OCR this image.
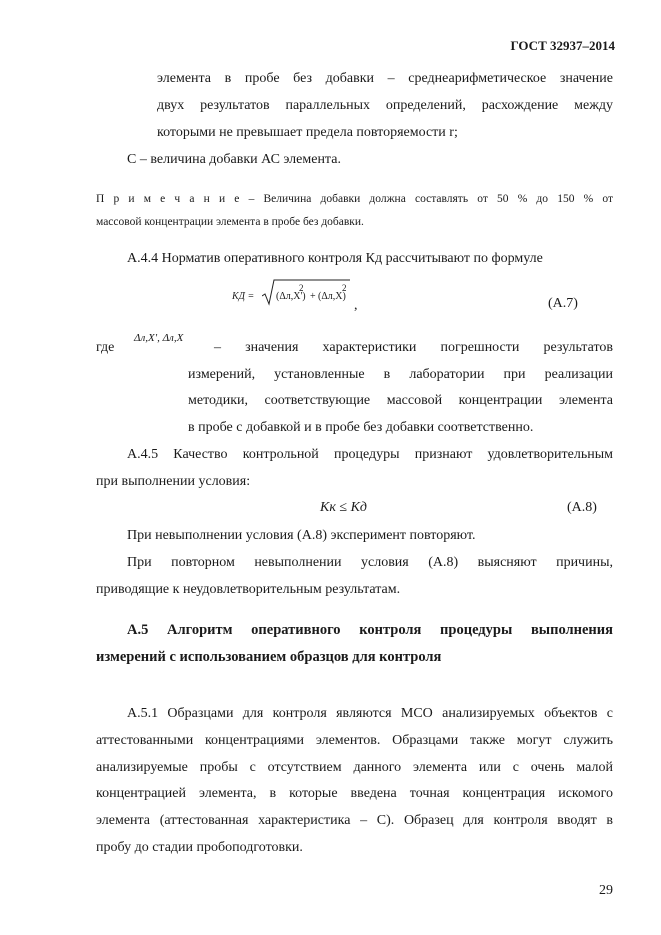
ГОСТ 32937–2014
элемента в пробе без добавки – среднеарифметическое значение
двух результатов параллельных определений, расхождение между
которыми не превышает предела повторяемости r;
C – величина добавки АС элемента.
П р и м е ч а н и е – Величина добавки должна составлять от 50 % до 150 % от
массовой концентрации элемента в пробе без добавки.
А.4.4 Норматив оперативного контроля Кд рассчитывают по формуле
KД = (Δл,X')
2
+ (Δл,X)
2
,	(А.7)
где
Δл,X', Δл,X
– значения характеристики погрешности результатов
измерений, установленные в лаборатории при реализации
методики, соответствующие массовой концентрации элемента
в пробе с добавкой и в пробе без добавки соответственно.
А.4.5 Качество контрольной процедуры признают удовлетворительным
при выполнении условия:
Kк ≤ Kд	(А.8)
При невыполнении условия (А.8) эксперимент повторяют.
При повторном невыполнении условия (А.8) выясняют причины,
приводящие к неудовлетворительным результатам.
А.5 Алгоритм оперативного контроля процедуры выполнения
измерений с использованием образцов для контроля
А.5.1 Образцами для контроля являются МСО анализируемых объектов с
аттестованными концентрациями элементов. Образцами также могут служить
анализируемые пробы с отсутствием данного элемента или с очень малой
концентрацией элемента, в которые введена точная концентрация искомого
элемента (аттестованная характеристика – C). Образец для контроля вводят в
пробу до стадии пробоподготовки.
29
